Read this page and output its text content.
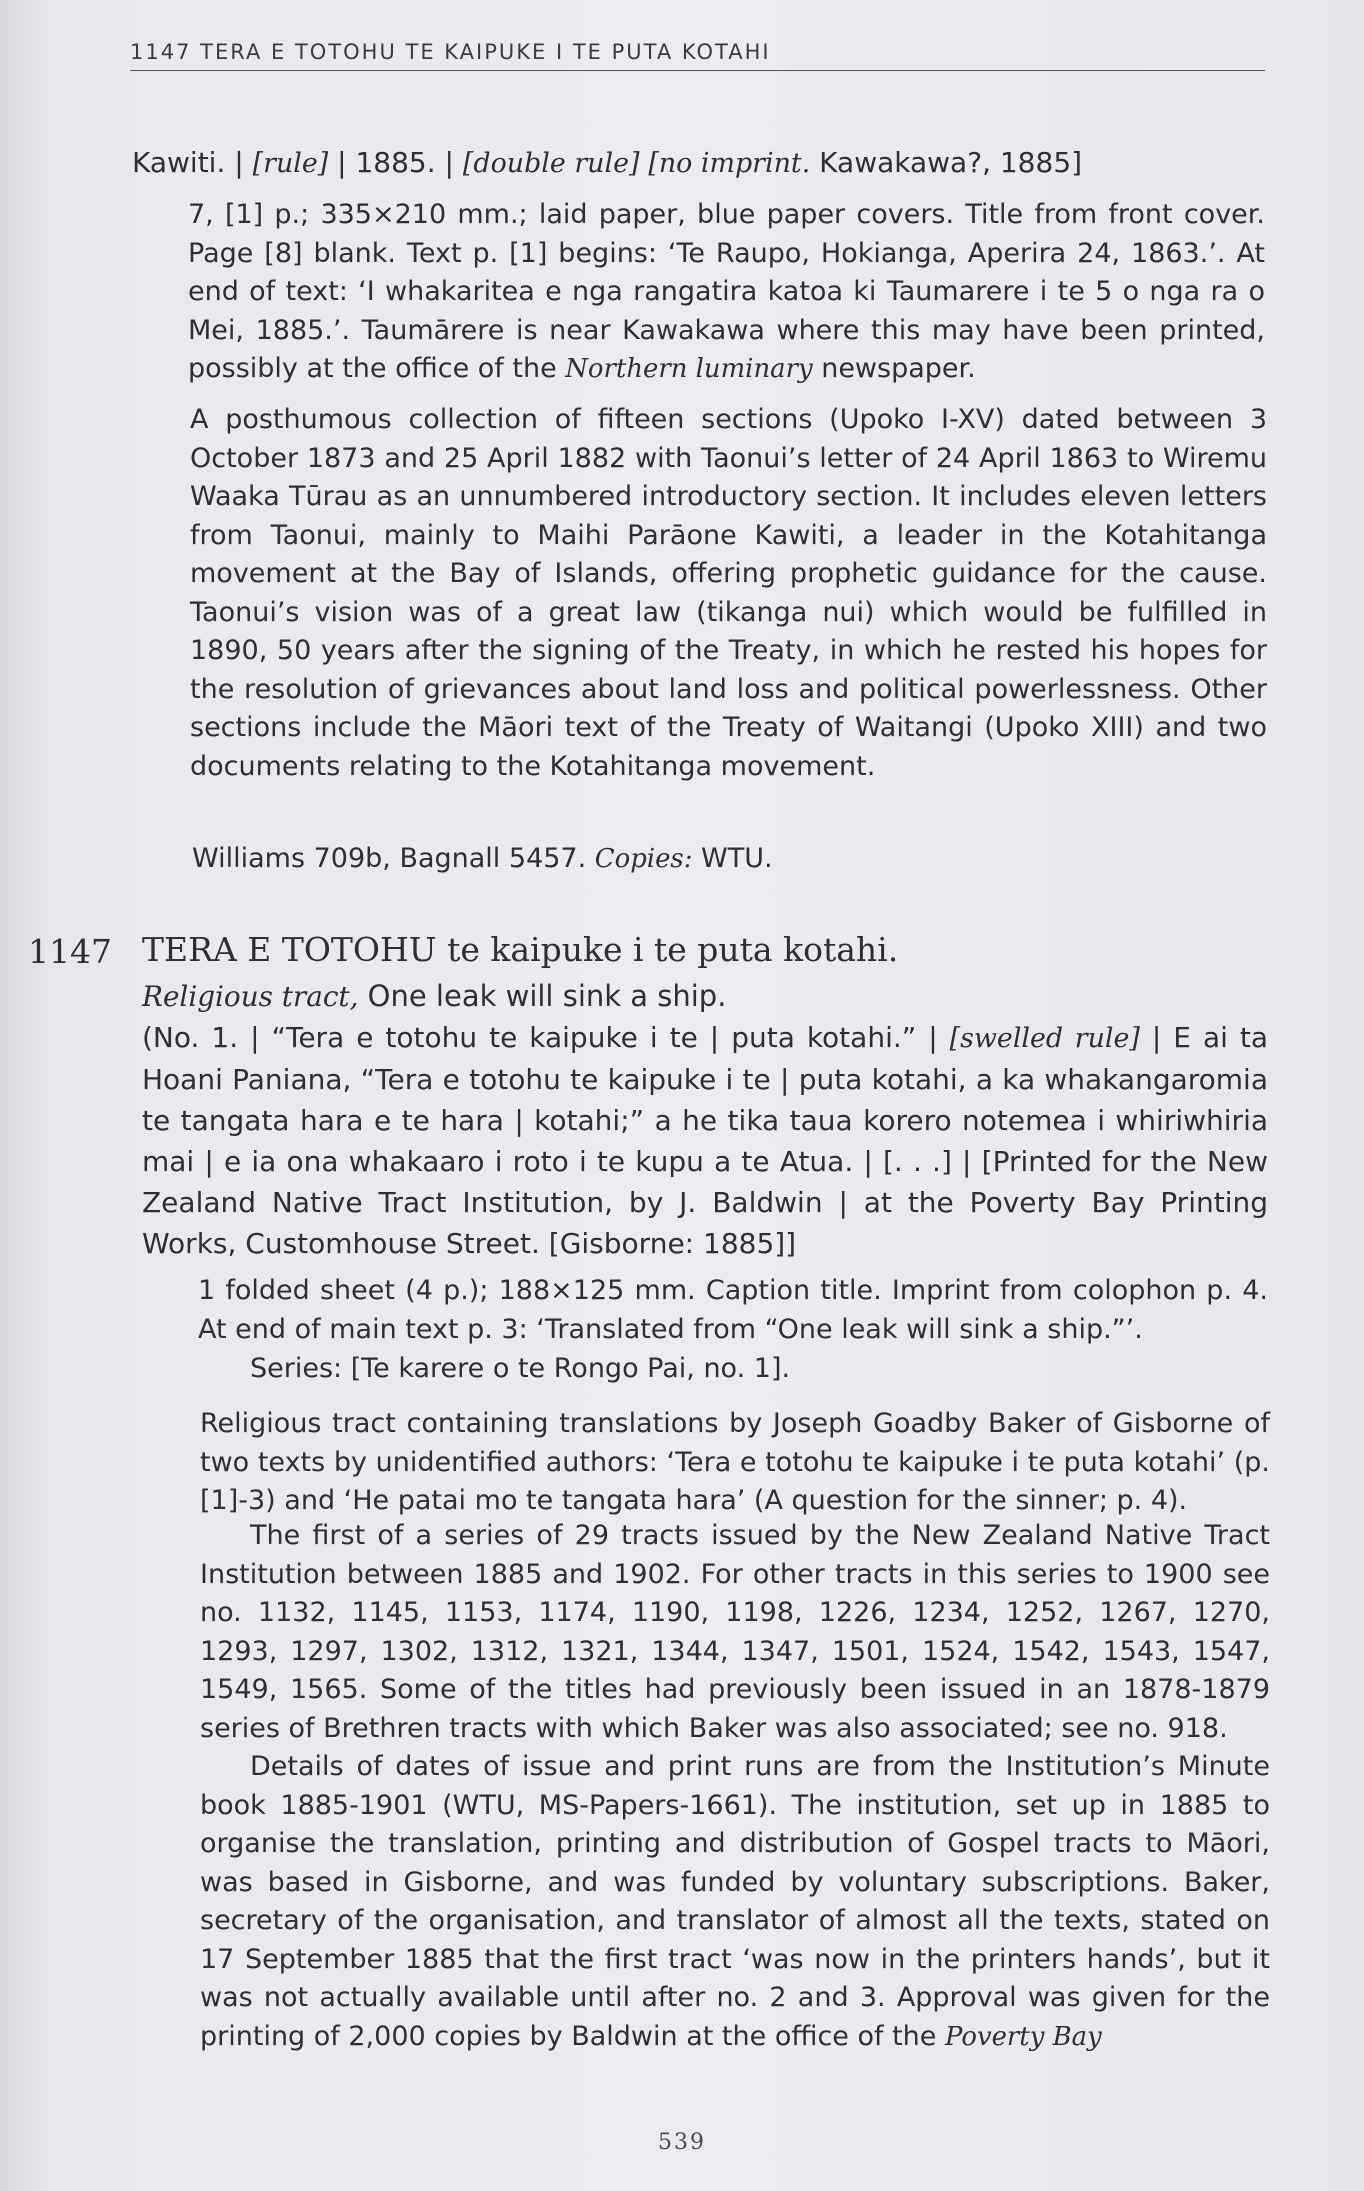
1147 TERA E TOTOHU TE KAIPUKE I TE PUTA KOTAHI

Kawiti. | [rule] | 1885. | [double rule] [no imprint. Kawakawa?, 1885]

7, [1] p.; 335×210 mm.; laid paper, blue paper covers. Title from front cover. Page [8] blank. Text p. [1] begins: ‘Te Raupo, Hokianga, Aperira 24, 1863.’. At end of text: ‘I whakaritea e nga rangatira katoa ki Taumarere i te 5 o nga ra o Mei, 1885.’. Taumārere is near Kawakawa where this may have been printed, possibly at the office of the Northern luminary newspaper.

A posthumous collection of fifteen sections (Upoko I-XV) dated between 3 October 1873 and 25 April 1882 with Taonui’s letter of 24 April 1863 to Wiremu Waaka Tūrau as an unnumbered introductory section. It includes eleven letters from Taonui, mainly to Maihi Parāone Kawiti, a leader in the Kotahitanga movement at the Bay of Islands, offering prophetic guidance for the cause. Taonui’s vision was of a great law (tikanga nui) which would be fulfilled in 1890, 50 years after the signing of the Treaty, in which he rested his hopes for the resolution of grievances about land loss and political powerlessness. Other sections include the Māori text of the Treaty of Waitangi (Upoko XIII) and two documents relating to the Kotahitanga movement.

Williams 709b, Bagnall 5457. Copies: WTU.

1147 TERA E TOTOHU te kaipuke i te puta kotahi.

Religious tract, One leak will sink a ship.

(No. 1. | “Tera e totohu te kaipuke i te | puta kotahi.” | [swelled rule] | E ai ta Hoani Paniana, “Tera e totohu te kaipuke i te | puta kotahi, a ka whakangaromia te tangata hara e te hara | kotahi;” a he tika taua korero notemea i whiriwhiria mai | e ia ona whakaaro i roto i te kupu a te Atua. | [. . .] | [Printed for the New Zealand Native Tract Institution, by J. Baldwin | at the Poverty Bay Printing Works, Customhouse Street. [Gisborne: 1885]]

1 folded sheet (4 p.); 188×125 mm. Caption title. Imprint from colophon p. 4. At end of main text p. 3: ‘Translated from “One leak will sink a ship.”’.

Series: [Te karere o te Rongo Pai, no. 1].

Religious tract containing translations by Joseph Goadby Baker of Gisborne of two texts by unidentified authors: ‘Tera e totohu te kaipuke i te puta kotahi’ (p. [1]-3) and ‘He patai mo te tangata hara’ (A question for the sinner; p. 4).

The first of a series of 29 tracts issued by the New Zealand Native Tract Institution between 1885 and 1902. For other tracts in this series to 1900 see no. 1132, 1145, 1153, 1174, 1190, 1198, 1226, 1234, 1252, 1267, 1270, 1293, 1297, 1302, 1312, 1321, 1344, 1347, 1501, 1524, 1542, 1543, 1547, 1549, 1565. Some of the titles had previously been issued in an 1878-1879 series of Brethren tracts with which Baker was also associated; see no. 918.

Details of dates of issue and print runs are from the Institution’s Minute book 1885-1901 (WTU, MS-Papers-1661). The institution, set up in 1885 to organise the translation, printing and distribution of Gospel tracts to Māori, was based in Gisborne, and was funded by voluntary subscriptions. Baker, secretary of the organisation, and translator of almost all the texts, stated on 17 September 1885 that the first tract ‘was now in the printers hands’, but it was not actually available until after no. 2 and 3. Approval was given for the printing of 2,000 copies by Baldwin at the office of the Poverty Bay

539
